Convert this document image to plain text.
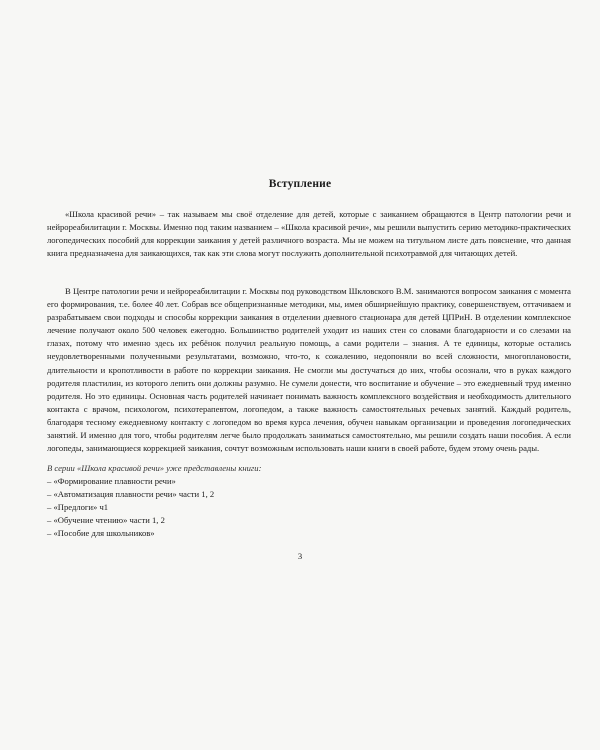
Вступление
«Школа красивой речи» – так называем мы своё отделение для детей, которые с заиканием обращаются в Центр патологии речи и нейрореабилитации г. Москвы. Именно под таким названием – «Школа красивой речи», мы решили выпустить серию методико-практических логопедических пособий для коррекции заикания у детей различного возраста. Мы не можем на титульном листе дать пояснение, что данная книга предназначена для заикающихся, так как эти слова могут послужить дополнительной психотравмой для читающих детей.
В Центре патологии речи и нейрореабилитации г. Москвы под руководством Шкловского В.М. занимаются вопросом заикания с момента его формирования, т.е. более 40 лет. Собрав все общепризнанные методики, мы, имея обширнейшую практику, совершенствуем, оттачиваем и разрабатываем свои подходы и способы коррекции заикания в отделении дневного стационара для детей ЦПРиН. В отделении комплексное лечение получают около 500 человек ежегодно. Большинство родителей уходит из наших стен со словами благодарности и со слезами на глазах, потому что именно здесь их ребёнок получил реальную помощь, а сами родители – знания. А те единицы, которые остались неудовлетворенными полученными результатами, возможно, что-то, к сожалению, недопоняли во всей сложности, многоплановости, длительности и кропотливости в работе по коррекции заикания. Не смогли мы достучаться до них, чтобы осознали, что в руках каждого родителя пластилин, из которого лепить они должны разумно. Не сумели донести, что воспитание и обучение – это ежедневный труд именно родителя. Но это единицы. Основная часть родителей начинает понимать важность комплексного воздействия и необходимость длительного контакта с врачом, психологом, психотерапевтом, логопедом, а также важность самостоятельных речевых занятий. Каждый родитель, благодаря тесному ежедневному контакту с логопедом во время курса лечения, обучен навыкам организации и проведения логопедических занятий. И именно для того, чтобы родителям легче было продолжать заниматься самостоятельно, мы решили создать наши пособия. А если логопеды, занимающиеся коррекцией заикания, сочтут возможным использовать наши книги в своей работе, будем этому очень рады.
В серии «Школа красивой речи» уже представлены книги:
– «Формирование плавности речи»
– «Автоматизация плавности речи» части 1, 2
– «Предлоги» ч1
– «Обучение чтению» части 1, 2
– «Пособие для школьников»
3
